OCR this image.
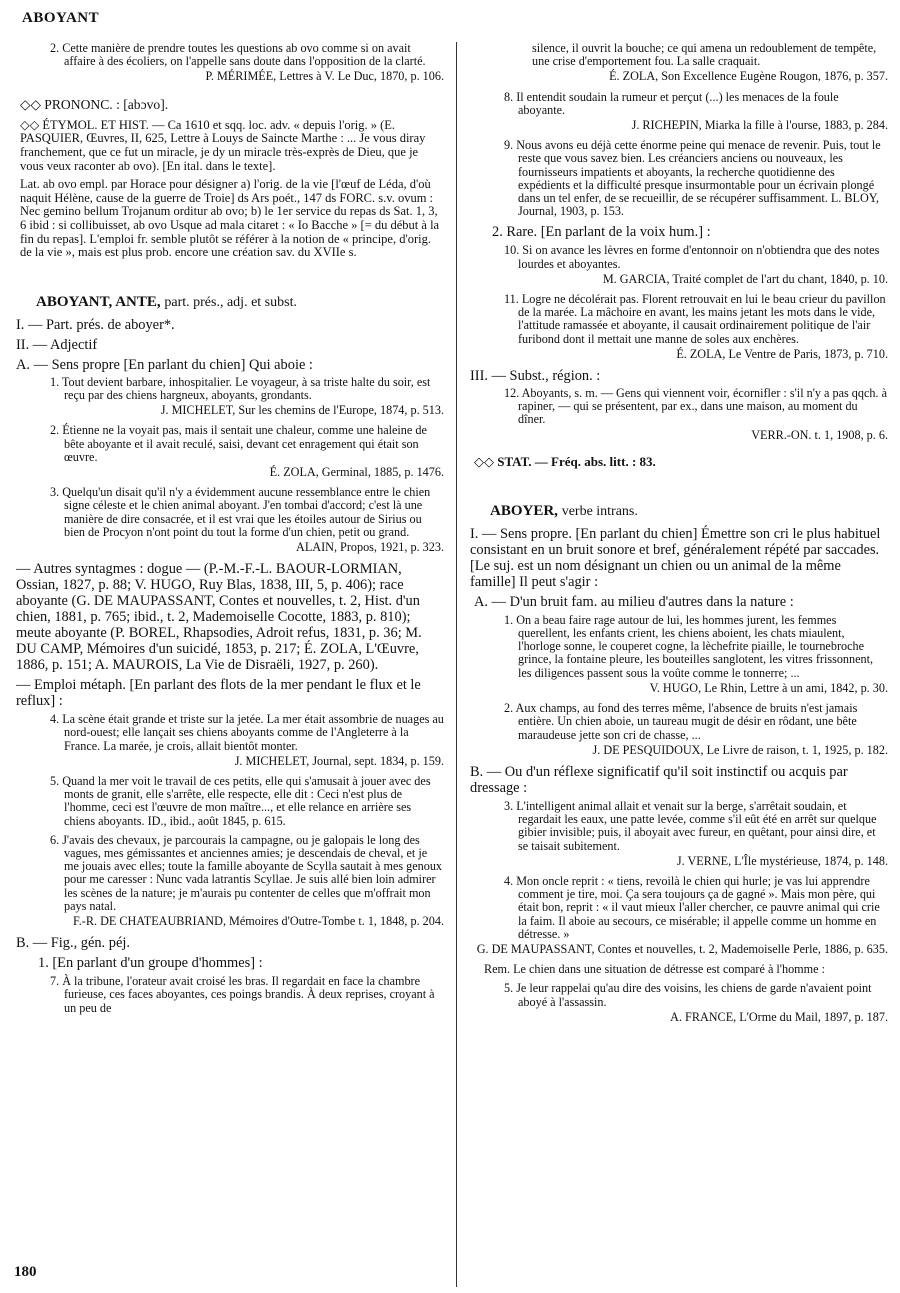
ABOYANT
2. Cette manière de prendre toutes les questions ab ovo comme si on avait affaire à des écoliers, on l'appelle sans doute dans l'opposition de la clarté.
P. MÉRIMÉE, Lettres à V. Le Duc, 1870, p. 106.
◇◇ PRONONC. : [abɔvo].
◇◇ ÉTYMOL. ET HIST. — Ca 1610 et sqq. loc. adv. « depuis l'orig. » (E. PASQUIER, Œuvres, II, 625, Lettre à Louys de Saincte Marthe : ... Je vous diray franchement, que ce fut un miracle, je dy un miracle très-exprès de Dieu, que je vous veux raconter ab ovo). [En ital. dans le texte].
Lat. ab ovo empl. par Horace pour désigner a) l'orig. de la vie [l'œuf de Léda, d'où naquit Hélène, cause de la guerre de Troie] ds Ars poét., 147 ds FORC. s.v. ovum : Nec gemino bellum Trojanum orditur ab ovo; b) le 1er service du repas ds Sat. 1, 3, 6 ibid : si collibuisset, ab ovo Usque ad mala citaret : « Io Bacche » [= du début à la fin du repas]. L'emploi fr. semble plutôt se référer à la notion de « principe, d'orig. de la vie », mais est plus prob. encore une création sav. du XVIIe s.
ABOYANT, ANTE, part. prés., adj. et subst.
I. — Part. prés. de aboyer*.
II. — Adjectif
A. — Sens propre [En parlant du chien] Qui aboie :
1. Tout devient barbare, inhospitalier. Le voyageur, à sa triste halte du soir, est reçu par des chiens hargneux, aboyants, grondants.
J. MICHELET, Sur les chemins de l'Europe, 1874, p. 513.
2. Étienne ne la voyait pas, mais il sentait une chaleur, comme une haleine de bête aboyante et il avait reculé, saisi, devant cet enragement qui était son œuvre.
É. ZOLA, Germinal, 1885, p. 1476.
3. Quelqu'un disait qu'il n'y a évidemment aucune ressemblance entre le chien signe céleste et le chien animal aboyant. J'en tombai d'accord; c'est là une manière de dire consacrée, et il est vrai que les étoiles autour de Sirius ou bien de Procyon n'ont point du tout la forme d'un chien, petit ou grand.
ALAIN, Propos, 1921, p. 323.
— Autres syntagmes : dogue — (P.-M.-F.-L. BAOUR-LORMIAN, Ossian, 1827, p. 88; V. HUGO, Ruy Blas, 1838, III, 5, p. 406); race aboyante (G. DE MAUPASSANT, Contes et nouvelles, t. 2, Hist. d'un chien, 1881, p. 765; ibid., t. 2, Mademoiselle Cocotte, 1883, p. 810); meute aboyante (P. BOREL, Rhapsodies, Adroit refus, 1831, p. 36; M. DU CAMP, Mémoires d'un suicidé, 1853, p. 217; É. ZOLA, L'Œuvre, 1886, p. 151; A. MAUROIS, La Vie de Disraëli, 1927, p. 260).
— Emploi métaph. [En parlant des flots de la mer pendant le flux et le reflux] :
4. La scène était grande et triste sur la jetée. La mer était assombrie de nuages au nord-ouest; elle lançait ses chiens aboyants comme de l'Angleterre à la France. La marée, je crois, allait bientôt monter.
J. MICHELET, Journal, sept. 1834, p. 159.
5. Quand la mer voit le travail de ces petits, elle qui s'amusait à jouer avec des monts de granit, elle s'arrête, elle respecte, elle dit : Ceci n'est plus de l'homme, ceci est l'œuvre de mon maître..., et elle relance en arrière ses chiens aboyants. ID., ibid., août 1845, p. 615.
6. J'avais des chevaux, je parcourais la campagne, ou je galopais le long des vagues, mes gémissantes et anciennes amies; je descendais de cheval, et je me jouais avec elles; toute la famille aboyante de Scylla sautait à mes genoux pour me caresser : Nunc vada latrantis Scyllae. Je suis allé bien loin admirer les scènes de la nature; je m'aurais pu contenter de celles que m'offrait mon pays natal.
F.-R. DE CHATEAUBRIAND, Mémoires d'Outre-Tombe t. 1, 1848, p. 204.
B. — Fig., gén. péj.
1. [En parlant d'un groupe d'hommes] :
7. À la tribune, l'orateur avait croisé les bras. Il regardait en face la chambre furieuse, ces faces aboyantes, ces poings brandis. À deux reprises, croyant à un peu de
silence, il ouvrit la bouche; ce qui amena un redoublement de tempête, une crise d'emportement fou. La salle craquait.
É. ZOLA, Son Excellence Eugène Rougon, 1876, p. 357.
8. Il entendit soudain la rumeur et perçut (...) les menaces de la foule aboyante.
J. RICHEPIN, Miarka la fille à l'ourse, 1883, p. 284.
9. Nous avons eu déjà cette énorme peine qui menace de revenir. Puis, tout le reste que vous savez bien. Les créanciers anciens ou nouveaux, les fournisseurs impatients et aboyants, la recherche quotidienne des expédients et la difficulté presque insurmontable pour un écrivain plongé dans un tel enfer, de se recueillir, de se récupérer suffisamment. L. BLOY, Journal, 1903, p. 153.
2. Rare. [En parlant de la voix hum.] :
10. Si on avance les lèvres en forme d'entonnoir on n'obtiendra que des notes lourdes et aboyantes.
M. GARCIA, Traité complet de l'art du chant, 1840, p. 10.
11. Logre ne décolérait pas. Florent retrouvait en lui le beau crieur du pavillon de la marée. La mâchoire en avant, les mains jetant les mots dans le vide, l'attitude ramassée et aboyante, il causait ordinairement politique de l'air furibond dont il mettait une manne de soles aux enchères.
É. ZOLA, Le Ventre de Paris, 1873, p. 710.
III. — Subst., région. :
12. Aboyants, s. m. — Gens qui viennent voir, écornifler : s'il n'y a pas qqch. à rapiner, — qui se présentent, par ex., dans une maison, au moment du dîner.
VERR.-ON. t. 1, 1908, p. 6.
◇◇ STAT. — Fréq. abs. litt. : 83.
ABOYER, verbe intrans.
I. — Sens propre. [En parlant du chien] Émettre son cri le plus habituel consistant en un bruit sonore et bref, généralement répété par saccades. [Le suj. est un nom désignant un chien ou un animal de la même famille] Il peut s'agir :
A. — D'un bruit fam. au milieu d'autres dans la nature :
1. On a beau faire rage autour de lui, les hommes jurent, les femmes querellent, les enfants crient, les chiens aboient, les chats miaulent, l'horloge sonne, le couperet cogne, la lèchefrite piaille, le tournebroche grince, la fontaine pleure, les bouteilles sanglotent, les vitres frissonnent, les diligences passent sous la voûte comme le tonnerre; ...
V. HUGO, Le Rhin, Lettre à un ami, 1842, p. 30.
2. Aux champs, au fond des terres même, l'absence de bruits n'est jamais entière. Un chien aboie, un taureau mugit de désir en rôdant, une bête maraudeuse jette son cri de chasse, ...
J. DE PESQUIDOUX, Le Livre de raison, t. 1, 1925, p. 182.
B. — Ou d'un réflexe significatif qu'il soit instinctif ou acquis par dressage :
3. L'intelligent animal allait et venait sur la berge, s'arrêtait soudain, et regardait les eaux, une patte levée, comme s'il eût été en arrêt sur quelque gibier invisible; puis, il aboyait avec fureur, en quêtant, pour ainsi dire, et se taisait subitement.
J. VERNE, L'Île mystérieuse, 1874, p. 148.
4. Mon oncle reprit : « tiens, revoilà le chien qui hurle; je vas lui apprendre comment je tire, moi. Ça sera toujours ça de gagné ». Mais mon père, qui était bon, reprit : « il vaut mieux l'aller chercher, ce pauvre animal qui crie la faim. Il aboie au secours, ce misérable; il appelle comme un homme en détresse. »
G. DE MAUPASSANT, Contes et nouvelles, t. 2, Mademoiselle Perle, 1886, p. 635.
Rem. Le chien dans une situation de détresse est comparé à l'homme :
5. Je leur rappelai qu'au dire des voisins, les chiens de garde n'avaient point aboyé à l'assassin.
A. FRANCE, L'Orme du Mail, 1897, p. 187.
180
